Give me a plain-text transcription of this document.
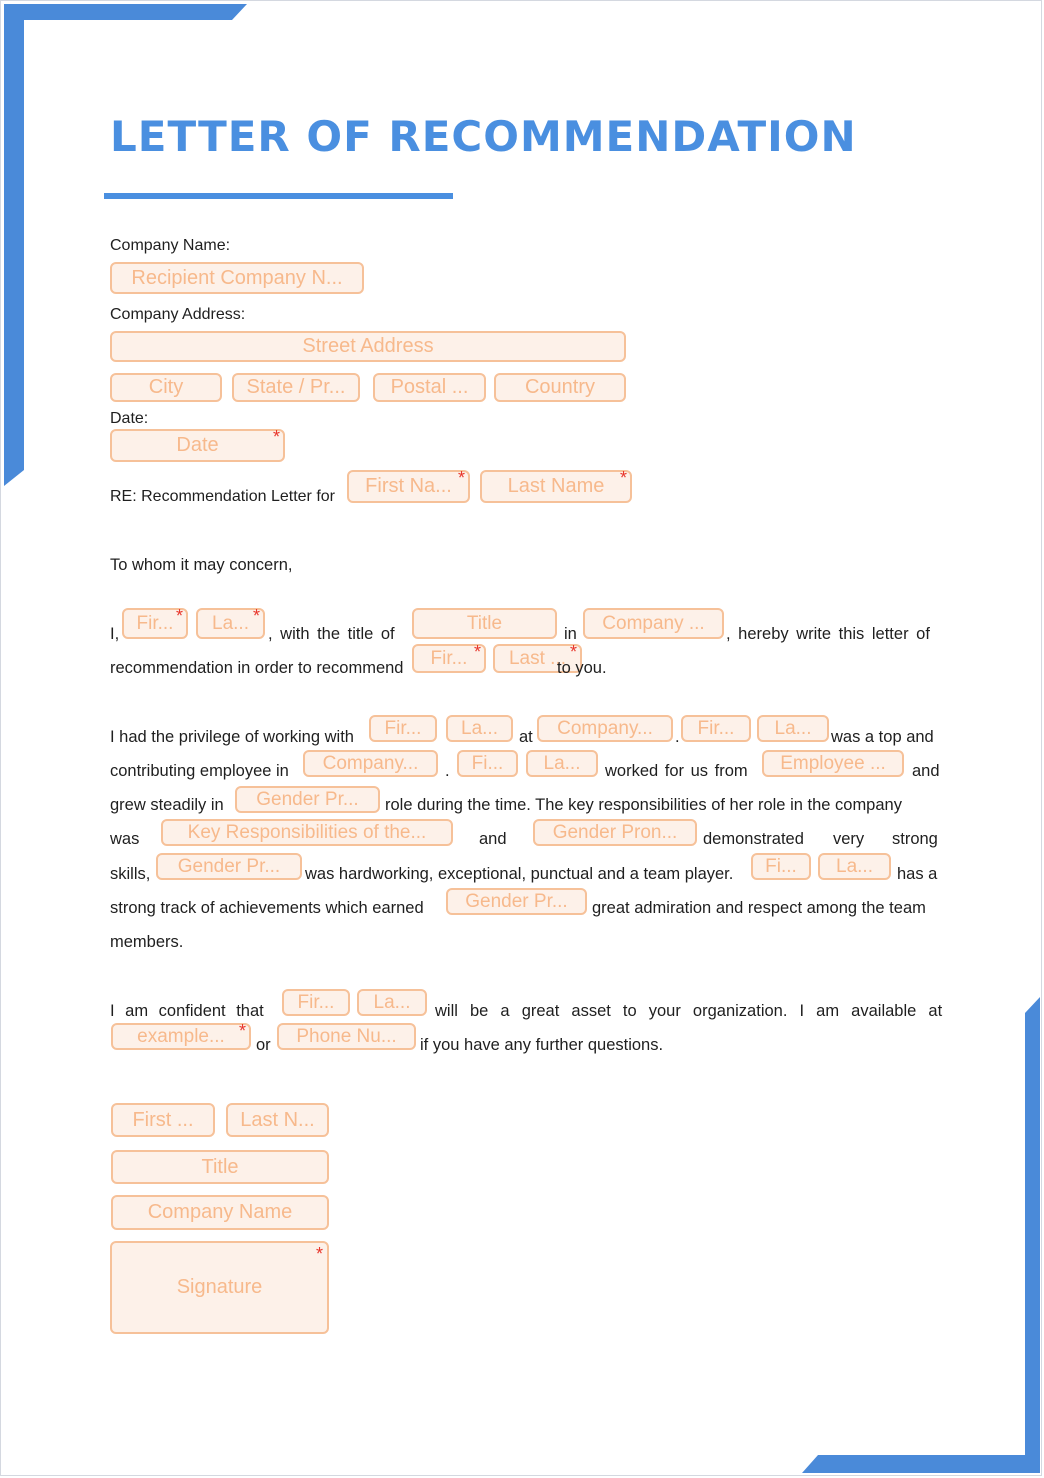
LETTER OF RECOMMENDATION
Company Name:
Recipient Company N...
Company Address:
Street Address
City	State / Pr... Postal ...	Country
Date:
Date	*
RE: Recommendation Letter for First Na... * Last Name *
To whom it may concern,
I,
Fir... * La... *
, with the title of
Title
in
Company ...
, hereby write this letter of
recommendation in order to recommend Fir... * Last ... *
to you.
I had the privilege of working with Fir... La... at Company... . Fir... La... was a top and
contributing employee in Company... . Fi... La... worked for us from Employee ... and
grew steadily in Gender Pr... role during the time. The key responsibilities of her role in the company
was	Key Responsibilities of the...	and Gender Pron... demonstrated very strong
skills, Gender Pr... was hardworking, exceptional, punctual and a team player. Fi... La... has a
strong track of achievements which earned Gender Pr... great admiration and respect among the team
members.
I am confident that Fir... La... will be a great asset to your organization. I am available at
example... *
or Phone Nu... if you have any further questions.
First ... Last N...
Title
Company Name
Signature
*
